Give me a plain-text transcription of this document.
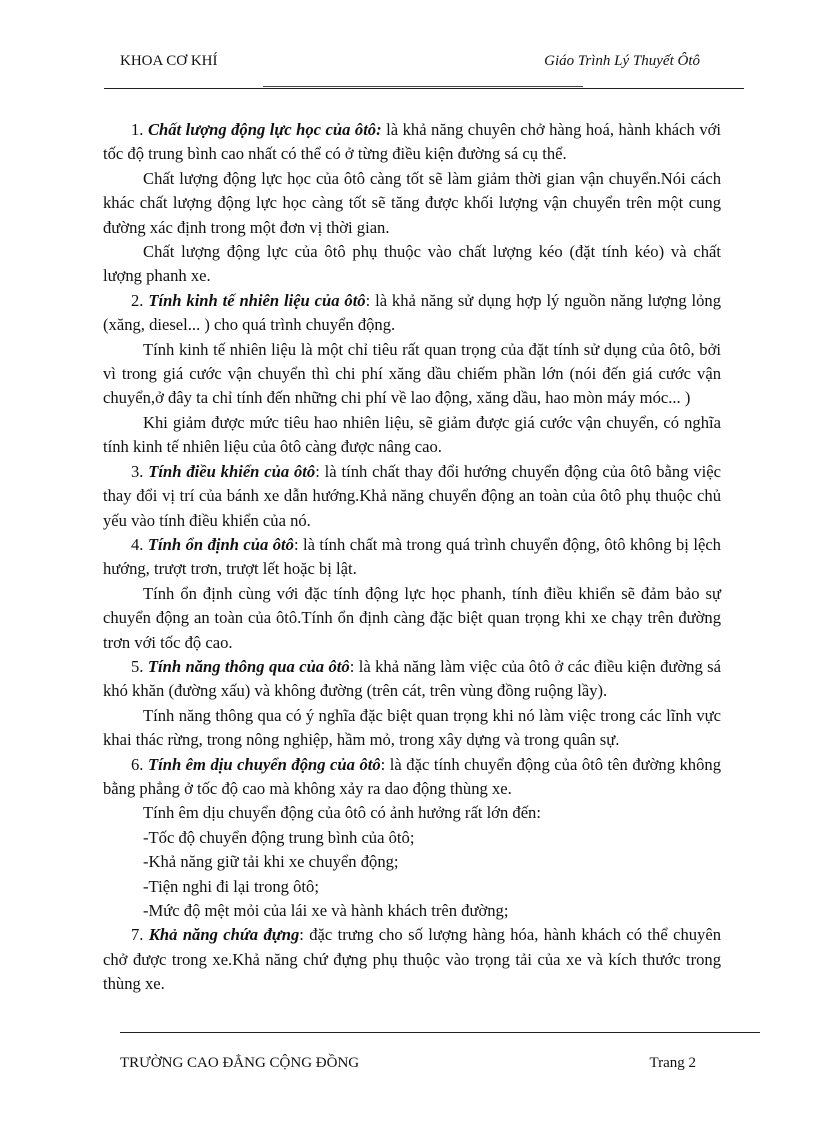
KHOA CƠ KHÍ	Giáo Trình Lý Thuyết Ôtô

1. Chất lượng động lực học của ôtô: là khả năng chuyên chở hàng hoá, hành khách với tốc độ trung bình cao nhất có thể có ở từng điều kiện đường sá cụ thể.

Chất lượng động lực học của ôtô càng tốt sẽ làm giảm thời gian vận chuyển.Nói cách khác chất lượng động lực học càng tốt sẽ tăng được khối lượng vận chuyển trên một cung đường xác định trong một đơn vị thời gian.

Chất lượng động lực của ôtô phụ thuộc vào chất lượng kéo (đặt tính kéo) và chất lượng phanh xe.

2. Tính kinh tế nhiên liệu của ôtô: là khả năng sử dụng hợp lý nguồn năng lượng lỏng (xăng, diesel... ) cho quá trình chuyển động.

Tính kinh tế nhiên liệu là một chỉ tiêu rất quan trọng của đặt tính sử dụng của ôtô, bởi vì trong giá cước vận chuyển thì chi phí xăng dầu chiếm phần lớn (nói đến giá cước vận chuyển,ở đây ta chỉ tính đến những chi phí về lao động, xăng dầu, hao mòn máy móc... )

Khi giảm được mức tiêu hao nhiên liệu, sẽ giảm được giá cước vận chuyển, có nghĩa tính kinh tế nhiên liệu của ôtô càng được nâng cao.

3. Tính điều khiển của ôtô: là tính chất thay đổi hướng chuyển động của ôtô bằng việc thay đổi vị trí của bánh xe dẫn hướng.Khả năng chuyển động an toàn của ôtô phụ thuộc chủ yếu vào tính điều khiển của nó.

4. Tính ổn định của ôtô: là tính chất mà trong quá trình chuyển động, ôtô không bị lệch hướng, trượt trơn, trượt lết hoặc bị lật.

Tính ổn định cùng với đặc tính động lực học phanh, tính điều khiển sẽ đảm bảo sự chuyển động an toàn của ôtô.Tính ổn định càng đặc biệt quan trọng khi xe chạy trên đường trơn với tốc độ cao.

5. Tính năng thông qua của ôtô: là khả năng làm việc của ôtô ở các điều kiện đường sá khó khăn (đường xấu) và không đường (trên cát, trên vùng đồng ruộng lầy).

Tính năng thông qua có ý nghĩa đặc biệt quan trọng khi nó làm việc trong các lĩnh vực khai thác rừng, trong nông nghiệp, hầm mỏ, trong xây dựng và trong quân sự.

6. Tính êm dịu chuyển động của ôtô: là đặc tính chuyển động của ôtô tên đường không bằng phẳng ở tốc độ cao mà không xảy ra dao động thùng xe.

Tính êm dịu chuyển động của ôtô có ảnh hưởng rất lớn đến:

-Tốc độ chuyển động trung bình của ôtô;

-Khả năng giữ tải khi xe chuyển động;

-Tiện nghi đi lại trong ôtô;

-Mức độ mệt mỏi của lái xe và hành khách trên đường;

7. Khả năng chứa đựng: đặc trưng cho số lượng hàng hóa, hành khách có thể chuyên chở được trong xe.Khả năng chứ đựng phụ thuộc vào trọng tải của xe và kích thước trong thùng xe.

TRƯỜNG CAO ĐẲNG CỘNG ĐỒNG	Trang 2
